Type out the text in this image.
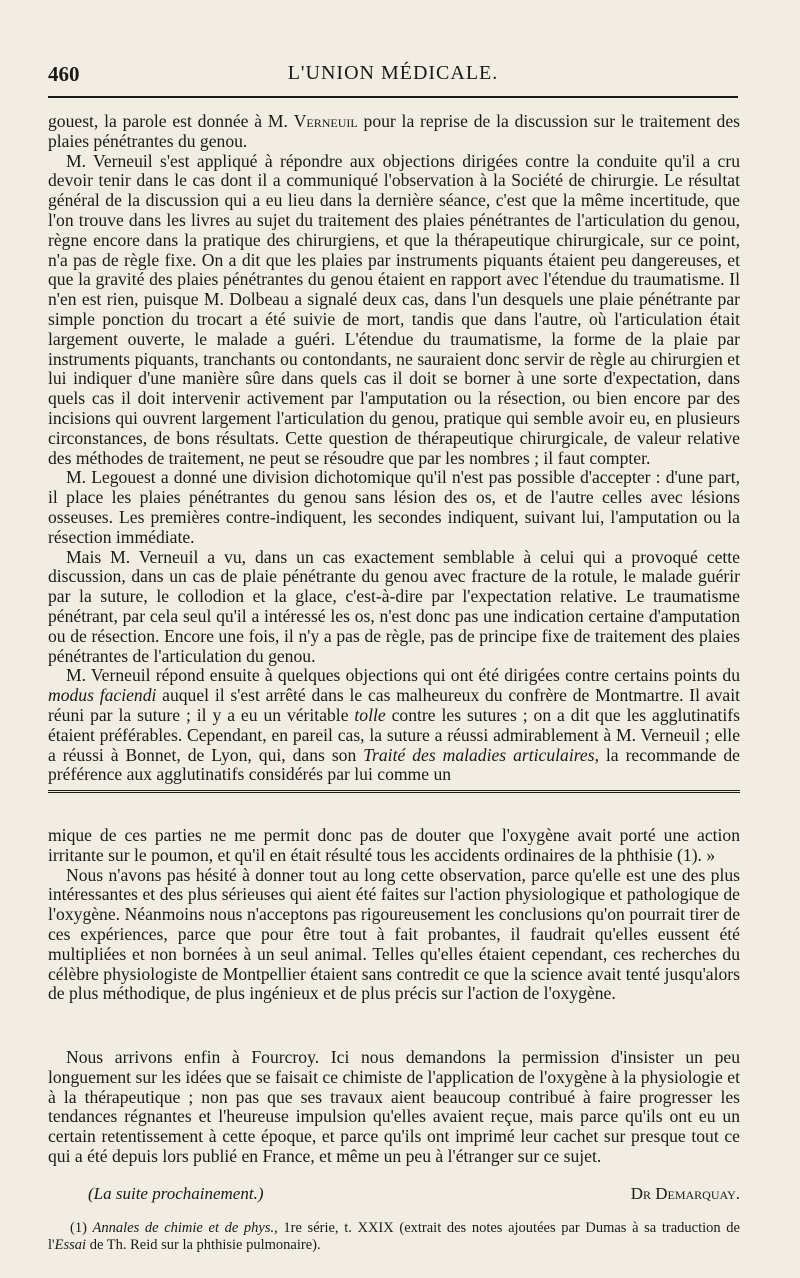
460	L'UNION MÉDICALE.

gouest, la parole est donnée à M. Verneuil pour la reprise de la discussion sur le traitement des plaies pénétrantes du genou.

M. Verneuil s'est appliqué à répondre aux objections dirigées contre la conduite qu'il a cru devoir tenir dans le cas dont il a communiqué l'observation à la Société de chirurgie. Le résultat général de la discussion qui a eu lieu dans la dernière séance, c'est que la même incertitude, que l'on trouve dans les livres au sujet du traitement des plaies pénétrantes de l'articulation du genou, règne encore dans la pratique des chirurgiens, et que la thérapeutique chirurgicale, sur ce point, n'a pas de règle fixe. On a dit que les plaies par instruments piquants étaient peu dangereuses, et que la gravité des plaies pénétrantes du genou étaient en rapport avec l'étendue du traumatisme. Il n'en est rien, puisque M. Dolbeau a signalé deux cas, dans l'un desquels une plaie pénétrante par simple ponction du trocart a été suivie de mort, tandis que dans l'autre, où l'articulation était largement ouverte, le malade a guéri. L'étendue du traumatisme, la forme de la plaie par instruments piquants, tranchants ou contondants, ne sauraient donc servir de règle au chirurgien et lui indiquer d'une manière sûre dans quels cas il doit se borner à une sorte d'expectation, dans quels cas il doit intervenir activement par l'amputation ou la résection, ou bien encore par des incisions qui ouvrent largement l'articulation du genou, pratique qui semble avoir eu, en plusieurs circonstances, de bons résultats. Cette question de thérapeutique chirurgicale, de valeur relative des méthodes de traitement, ne peut se résoudre que par les nombres ; il faut compter.

M. Legouest a donné une division dichotomique qu'il n'est pas possible d'accepter : d'une part, il place les plaies pénétrantes du genou sans lésion des os, et de l'autre celles avec lésions osseuses. Les premières contre-indiquent, les secondes indiquent, suivant lui, l'amputation ou la résection immédiate.

Mais M. Verneuil a vu, dans un cas exactement semblable à celui qui a provoqué cette discussion, dans un cas de plaie pénétrante du genou avec fracture de la rotule, le malade guérir par la suture, le collodion et la glace, c'est-à-dire par l'expectation relative. Le traumatisme pénétrant, par cela seul qu'il a intéressé les os, n'est donc pas une indication certaine d'amputation ou de résection. Encore une fois, il n'y a pas de règle, pas de principe fixe de traitement des plaies pénétrantes de l'articulation du genou.

M. Verneuil répond ensuite à quelques objections qui ont été dirigées contre certains points du modus faciendi auquel il s'est arrêté dans le cas malheureux du confrère de Montmartre. Il avait réuni par la suture ; il y a eu un véritable tolle contre les sutures ; on a dit que les agglutinatifs étaient préférables. Cependant, en pareil cas, la suture a réussi admirablement à M. Verneuil ; elle a réussi à Bonnet, de Lyon, qui, dans son Traité des maladies articulaires, la recommande de préférence aux agglutinatifs considérés par lui comme un

mique de ces parties ne me permit donc pas de douter que l'oxygène avait porté une action irritante sur le poumon, et qu'il en était résulté tous les accidents ordinaires de la phthisie (1). »

Nous n'avons pas hésité à donner tout au long cette observation, parce qu'elle est une des plus intéressantes et des plus sérieuses qui aient été faites sur l'action physiologique et pathologique de l'oxygène. Néanmoins nous n'acceptons pas rigoureusement les conclusions qu'on pourrait tirer de ces expériences, parce que pour être tout à fait probantes, il faudrait qu'elles eussent été multipliées et non bornées à un seul animal. Telles qu'elles étaient cependant, ces recherches du célèbre physiologiste de Montpellier étaient sans contredit ce que la science avait tenté jusqu'alors de plus méthodique, de plus ingénieux et de plus précis sur l'action de l'oxygène.

Nous arrivons enfin à Fourcroy. Ici nous demandons la permission d'insister un peu longuement sur les idées que se faisait ce chimiste de l'application de l'oxygène à la physiologie et à la thérapeutique ; non pas que ses travaux aient beaucoup contribué à faire progresser les tendances régnantes et l'heureuse impulsion qu'elles avaient reçue, mais parce qu'ils ont eu un certain retentissement à cette époque, et parce qu'ils ont imprimé leur cachet sur presque tout ce qui a été depuis lors publié en France, et même un peu à l'étranger sur ce sujet.

(La suite prochainement.)	Dr Demarquay.
(1) Annales de chimie et de phys., 1re série, t. XXIX (extrait des notes ajoutées par Dumas à sa traduction de l'Essai de Th. Reid sur la phthisie pulmonaire).
